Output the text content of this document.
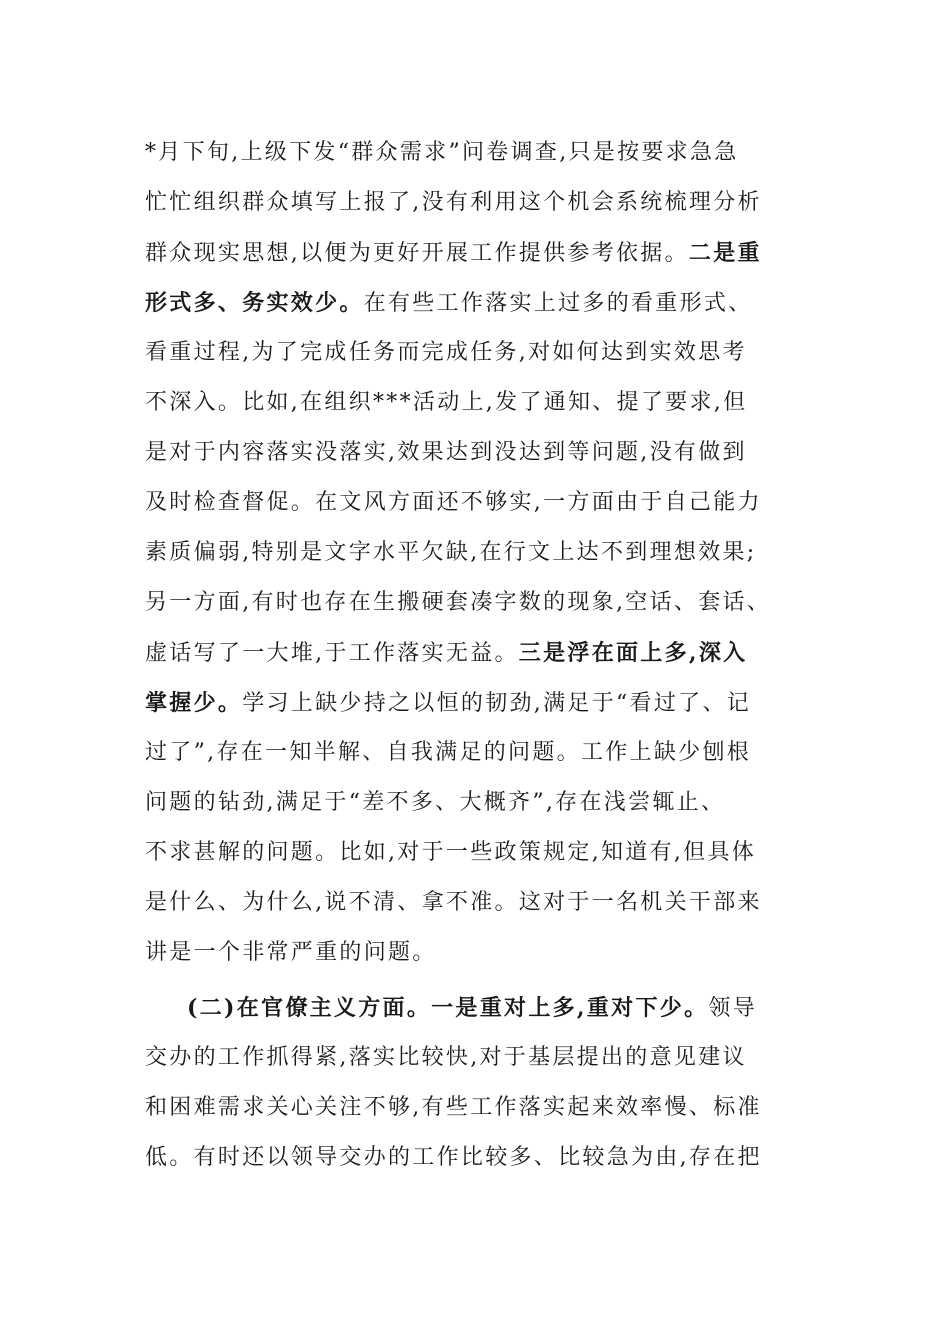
*月下旬,上级下发“群众需求”问卷调查,只是按要求急急
忙忙组织群众填写上报了,没有利用这个机会系统梳理分析
群众现实思想,以便为更好开展工作提供参考依据。二是重
形式多、务实效少。在有些工作落实上过多的看重形式、
看重过程,为了完成任务而完成任务,对如何达到实效思考
不深入。比如,在组织***活动上,发了通知、提了要求,但
是对于内容落实没落实,效果达到没达到等问题,没有做到
及时检查督促。在文风方面还不够实,一方面由于自己能力
素质偏弱,特别是文字水平欠缺,在行文上达不到理想效果;
另一方面,有时也存在生搬硬套凑字数的现象,空话、套话、
虚话写了一大堆,于工作落实无益。三是浮在面上多,深入
掌握少。学习上缺少持之以恒的韧劲,满足于“看过了、记
过了”,存在一知半解、自我满足的问题。工作上缺少刨根
问题的钻劲,满足于“差不多、大概齐”,存在浅尝辄止、
不求甚解的问题。比如,对于一些政策规定,知道有,但具体
是什么、为什么,说不清、拿不准。这对于一名机关干部来
讲是一个非常严重的问题。
(二)在官僚主义方面。一是重对上多,重对下少。领导
交办的工作抓得紧,落实比较快,对于基层提出的意见建议
和困难需求关心关注不够,有些工作落实起来效率慢、标准
低。有时还以领导交办的工作比较多、比较急为由,存在把
